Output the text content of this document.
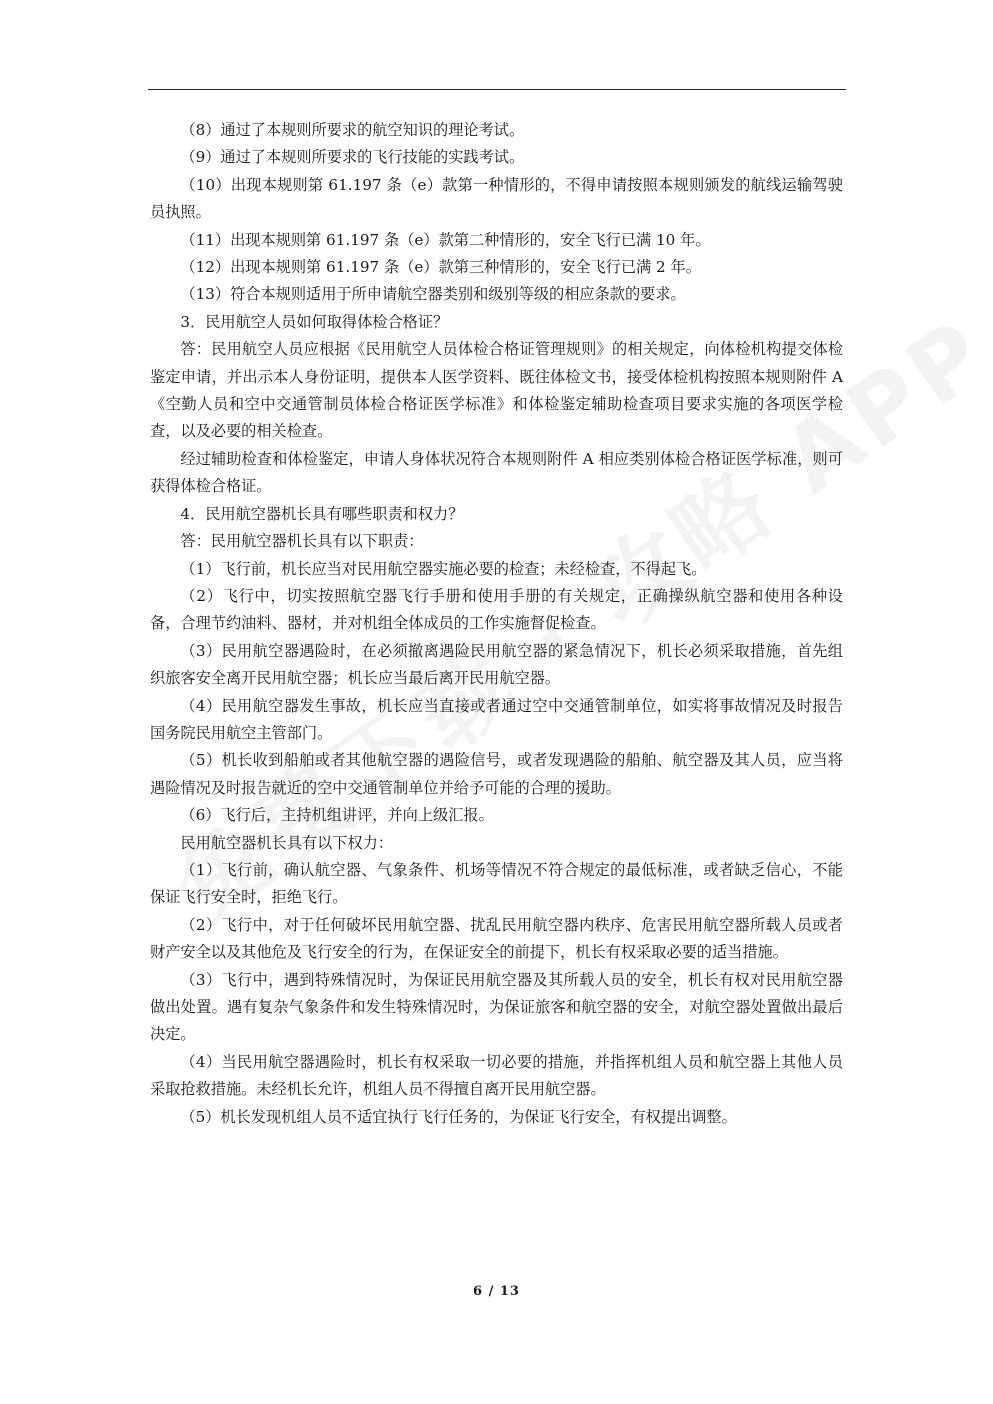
（8）通过了本规则所要求的航空知识的理论考试。

（9）通过了本规则所要求的飞行技能的实践考试。

（10）出现本规则第 61.197 条（e）款第一种情形的，不得申请按照本规则颁发的航线运输驾驶员执照。

（11）出现本规则第 61.197 条（e）款第二种情形的，安全飞行已满 10 年。

（12）出现本规则第 61.197 条（e）款第三种情形的，安全飞行已满 2 年。

（13）符合本规则适用于所申请航空器类别和级别等级的相应条款的要求。

3．民用航空人员如何取得体检合格证？

答：民用航空人员应根据《民用航空人员体检合格证管理规则》的相关规定，向体检机构提交体检鉴定申请，并出示本人身份证明，提供本人医学资料、既往体检文书，接受体检机构按照本规则附件 A《空勤人员和空中交通管制员体检合格证医学标准》和体检鉴定辅助检查项目要求实施的各项医学检查，以及必要的相关检查。

经过辅助检查和体检鉴定，申请人身体状况符合本规则附件 A 相应类别体检合格证医学标准，则可获得体检合格证。

4．民用航空器机长具有哪些职责和权力？

答：民用航空器机长具有以下职责：

（1）飞行前，机长应当对民用航空器实施必要的检查；未经检查，不得起飞。

（2）飞行中，切实按照航空器飞行手册和使用手册的有关规定，正确操纵航空器和使用各种设备，合理节约油料、器材，并对机组全体成员的工作实施督促检查。

（3）民用航空器遇险时，在必须撤离遇险民用航空器的紧急情况下，机长必须采取措施，首先组织旅客安全离开民用航空器；机长应当最后离开民用航空器。

（4）民用航空器发生事故，机长应当直接或者通过空中交通管制单位，如实将事故情况及时报告国务院民用航空主管部门。

（5）机长收到船舶或者其他航空器的遇险信号，或者发现遇险的船舶、航空器及其人员，应当将遇险情况及时报告就近的空中交通管制单位并给予可能的合理的援助。

（6）飞行后，主持机组讲评，并向上级汇报。

民用航空器机长具有以下权力：

（1）飞行前，确认航空器、气象条件、机场等情况不符合规定的最低标准，或者缺乏信心，不能保证飞行安全时，拒绝飞行。

（2）飞行中，对于任何破坏民用航空器、扰乱民用航空器内秩序、危害民用航空器所载人员或者财产安全以及其他危及飞行安全的行为，在保证安全的前提下，机长有权采取必要的适当措施。

（3）飞行中，遇到特殊情况时，为保证民用航空器及其所载人员的安全，机长有权对民用航空器做出处置。遇有复杂气象条件和发生特殊情况时，为保证旅客和航空器的安全，对航空器处置做出最后决定。

（4）当民用航空器遇险时，机长有权采取一切必要的措施，并指挥机组人员和航空器上其他人员采取抢救措施。未经机长允许，机组人员不得擅自离开民用航空器。

（5）机长发现机组人员不适宜执行飞行任务的，为保证飞行安全，有权提出调整。

6 / 13
